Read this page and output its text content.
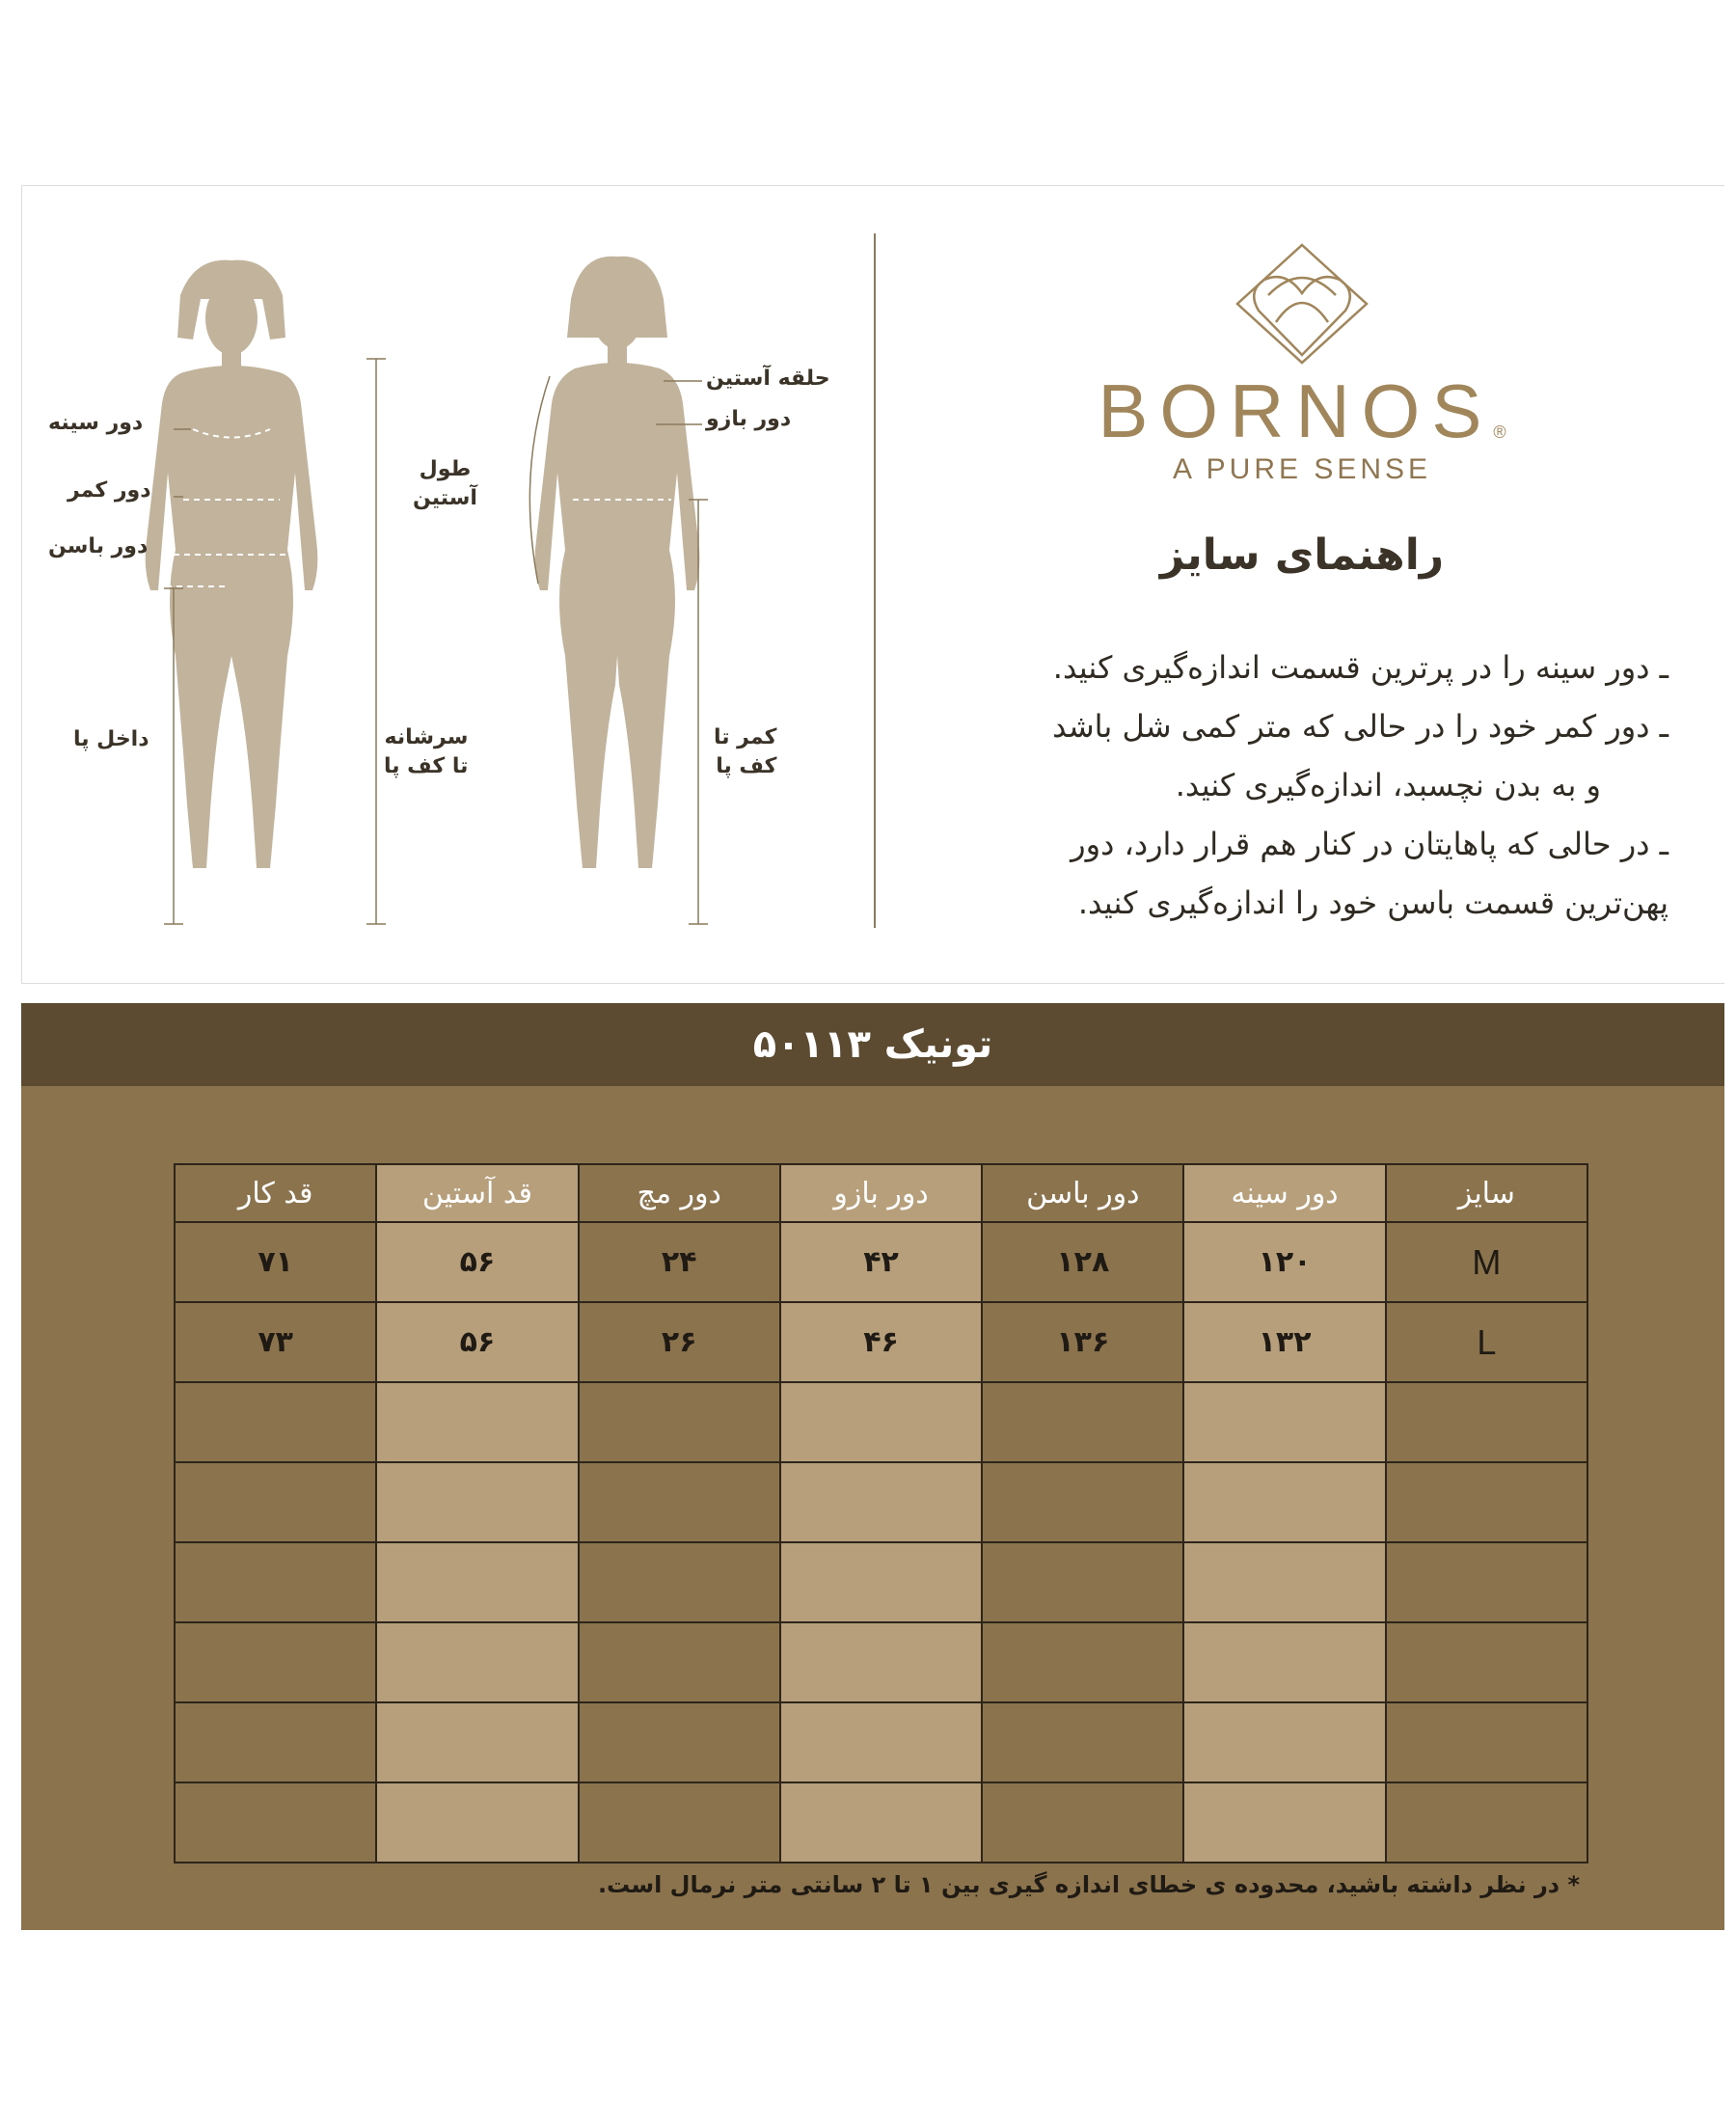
دور سینه
دور کمر
دور باسن
داخل پا	سرشانه
تا کف پا
طول
آستین
حلقه آستین
دور بازو
کمر تا
کف پا
BORNOS®
A PURE SENSE
راهنمای سایز

ـ دور سینه را در پرترین قسمت اندازه‌گیری کنید.

ـ دور کمر خود را در حالی که متر کمی شل باشد

و به بدن نچسبد، اندازه‌گیری کنید.

ـ در حالی که پاهایتان در کنار هم قرار دارد، دور

پهن‌ترین قسمت باسن خود را اندازه‌گیری کنید.

تونیک ۵۰۱۱۳
سایز	دور سینه	دور باسن	دور بازو	دور مچ	قد آستین	قد کار
M	۱۲۰	۱۲۸	۴۲	۲۴	۵۶	۷۱
L	۱۳۲	۱۳۶	۴۶	۲۶	۵۶	۷۳

* در نظر داشته باشید، محدوده ی خطای اندازه گیری بین ۱ تا ۲ سانتی متر نرمال است.
